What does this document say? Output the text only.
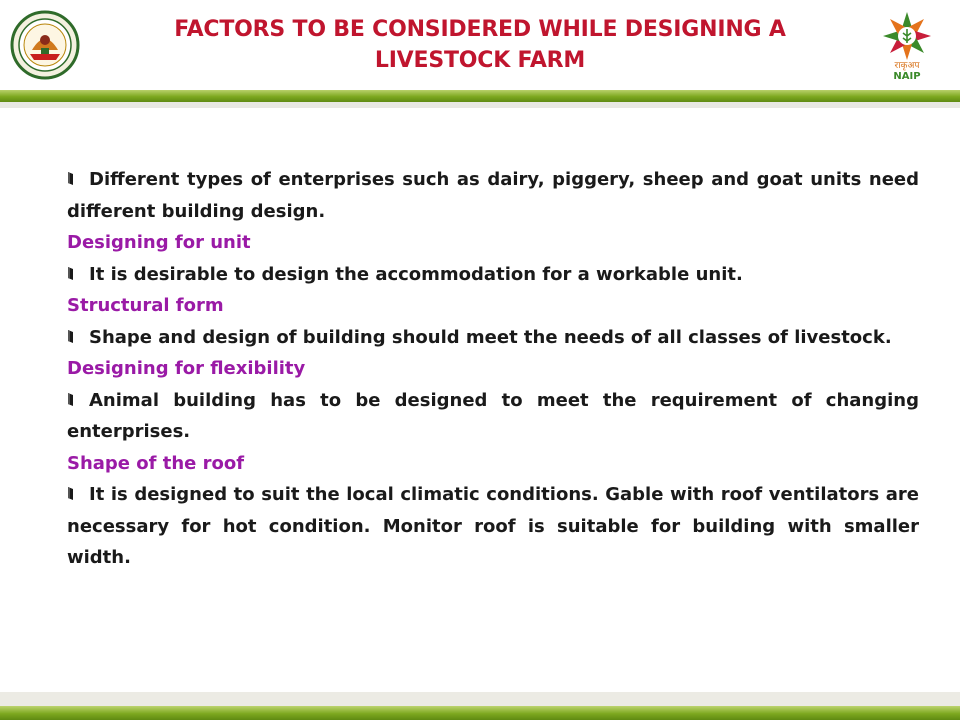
FACTORS TO BE CONSIDERED WHILE DESIGNING A
LIVESTOCK FARM	राकृअप
NAIP

Different types of enterprises such as dairy, piggery, sheep and goat units need different building design.

Designing for unit

It is desirable to design the accommodation for a workable unit.

Structural form

Shape and design of building should meet the needs of all classes of livestock.

Designing for flexibility

Animal building has to be designed to meet the requirement of changing enterprises.

Shape of the roof

It is designed to suit the local climatic conditions. Gable with roof ventilators are necessary for hot condition. Monitor roof is suitable for building with smaller width.
